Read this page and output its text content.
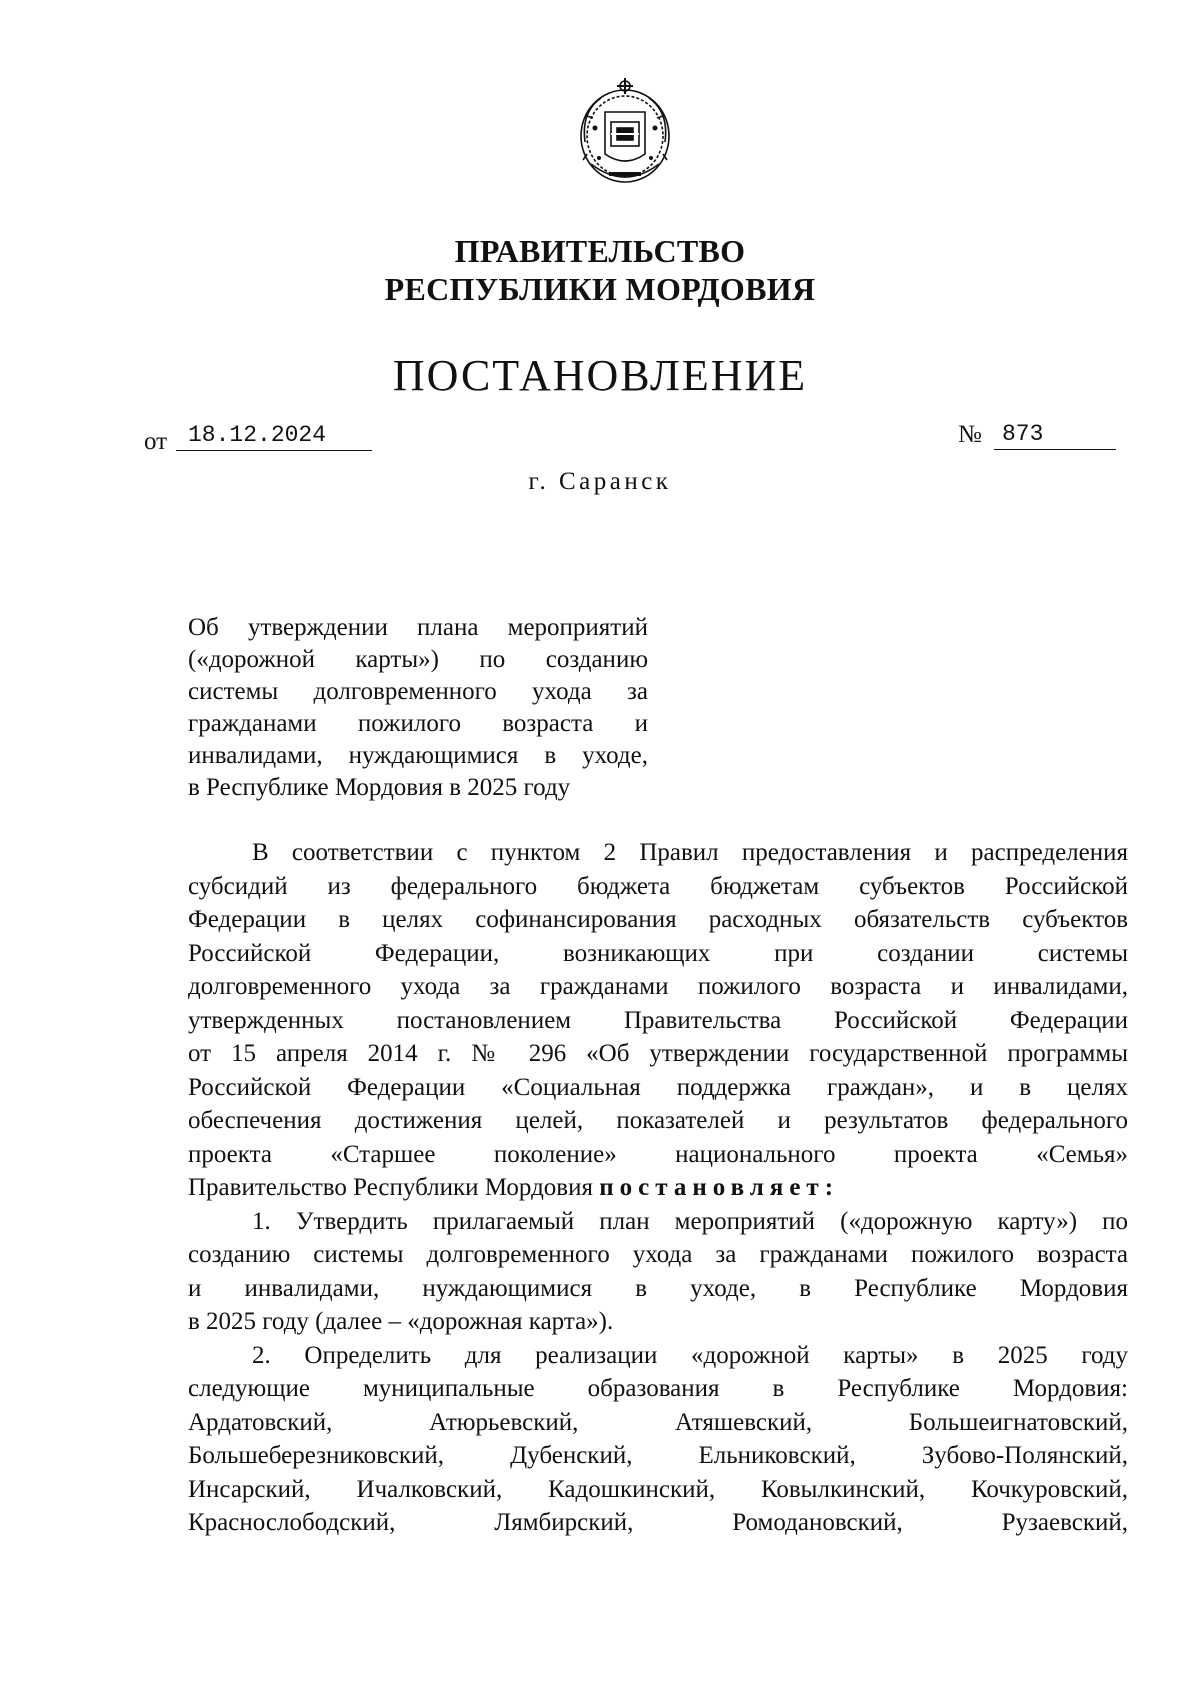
ПРАВИТЕЛЬСТВО
РЕСПУБЛИКИ МОРДОВИЯ
ПОСТАНОВЛЕНИЕ
от 18.12.2024	№ 873
г. Саранск
Об утверждении плана мероприятий
(«дорожной карты») по созданию
системы долговременного ухода за
гражданами пожилого возраста и
инвалидами, нуждающимися в уходе,
в Республике Мордовия в 2025 году
В соответствии с пунктом 2 Правил предоставления и распределения
субсидий из федерального бюджета бюджетам субъектов Российской
Федерации в целях софинансирования расходных обязательств субъектов
Российской Федерации, возникающих при создании системы
долговременного ухода за гражданами пожилого возраста и инвалидами,
утвержденных постановлением Правительства Российской Федерации
от 15 апреля 2014 г. № 296 «Об утверждении государственной программы
Российской Федерации «Социальная поддержка граждан», и в целях
обеспечения достижения целей, показателей и результатов федерального
проекта «Старшее поколение» национального проекта «Семья»
Правительство Республики Мордовия постановляет:
1. Утвердить прилагаемый план мероприятий («дорожную карту») по
созданию системы долговременного ухода за гражданами пожилого возраста
и инвалидами, нуждающимися в уходе, в Республике Мордовия
в 2025 году (далее – «дорожная карта»).
2. Определить для реализации «дорожной карты» в 2025 году
следующие муниципальные образования в Республике Мордовия:
Ардатовский, Атюрьевский, Атяшевский, Большеигнатовский,
Большеберезниковский, Дубенский, Ельниковский, Зубово-Полянский,
Инсарский, Ичалковский, Кадошкинский, Ковылкинский, Кочкуровский,
Краснослободский, Лямбирский, Ромодановский, Рузаевский,
